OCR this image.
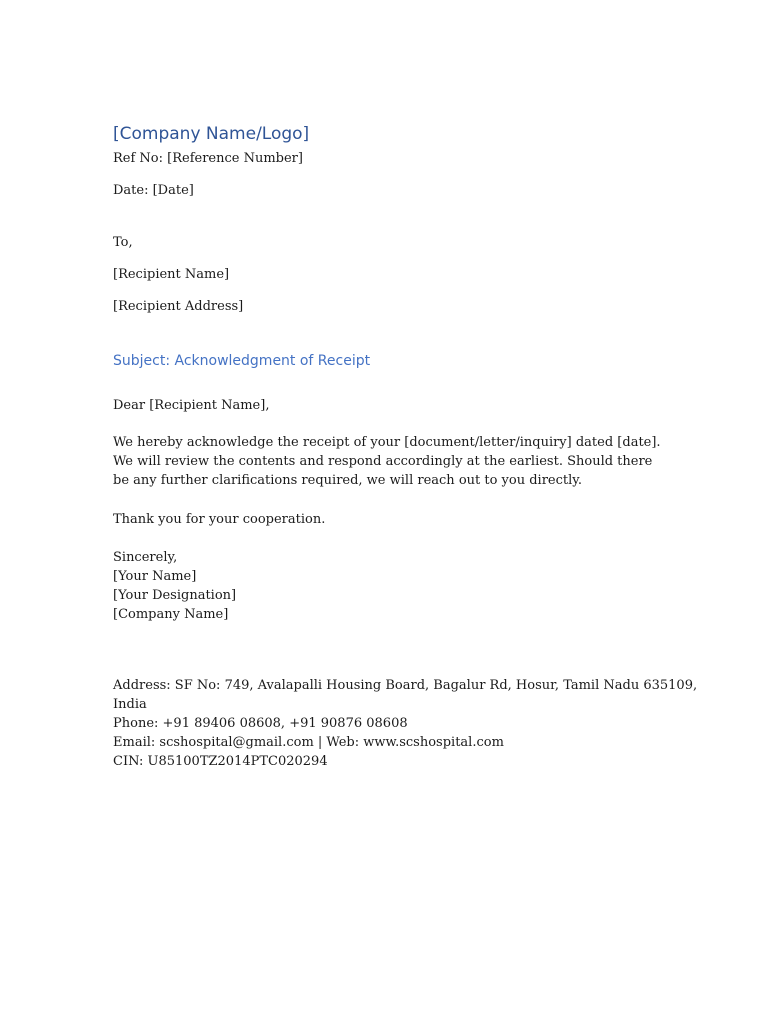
[Company Name/Logo]
Ref No: [Reference Number]
Date: [Date]
To,
[Recipient Name]
[Recipient Address]
Subject: Acknowledgment of Receipt
Dear [Recipient Name],
We hereby acknowledge the receipt of your [document/letter/inquiry] dated [date].
We will review the contents and respond accordingly at the earliest. Should there
be any further clarifications required, we will reach out to you directly.
Thank you for your cooperation.
Sincerely,
[Your Name]
[Your Designation]
[Company Name]
Address: SF No: 749, Avalapalli Housing Board, Bagalur Rd, Hosur, Tamil Nadu 635109,
India
Phone: +91 89406 08608, +91 90876 08608
Email: scshospital@gmail.com | Web: www.scshospital.com
CIN: U85100TZ2014PTC020294
